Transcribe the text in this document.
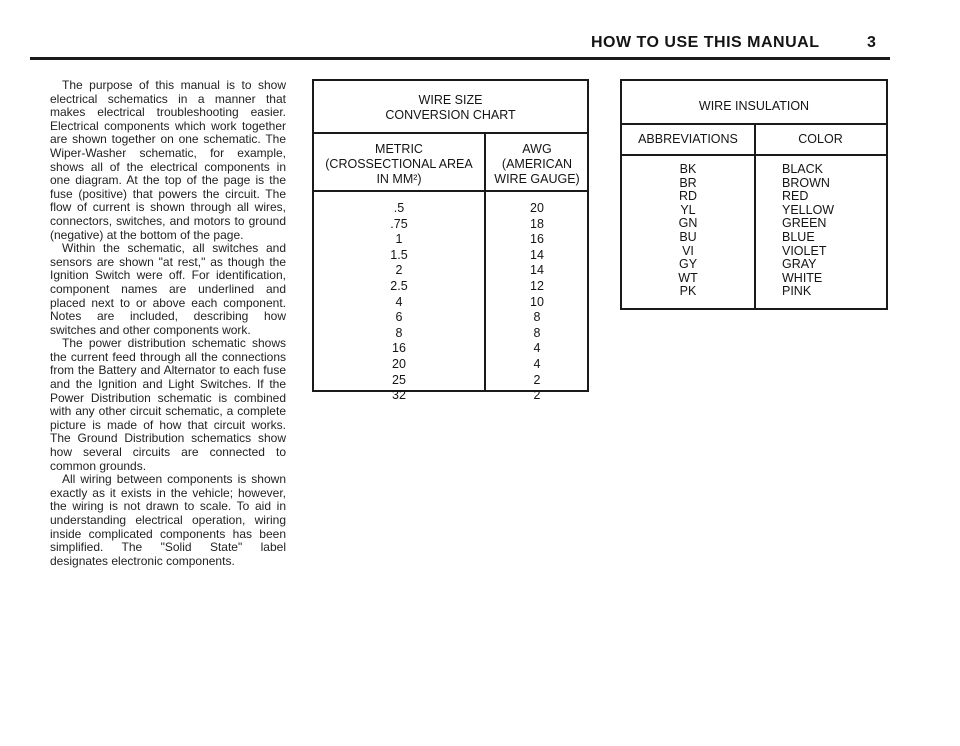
HOW TO USE THIS MANUAL	3

The purpose of this manual is to show electrical schematics in a manner that makes electrical troubleshooting easier. Electrical components which work together are shown together on one schematic. The Wiper-Washer schematic, for example, shows all of the electrical components in one diagram. At the top of the page is the fuse (positive) that powers the circuit. The flow of current is shown through all wires, connectors, switches, and motors to ground (negative) at the bottom of the page.

Within the schematic, all switches and sensors are shown "at rest," as though the Ignition Switch were off. For identification, component names are underlined and placed next to or above each component. Notes are included, describing how switches and other components work.

The power distribution schematic shows the current feed through all the connections from the Battery and Alternator to each fuse and the Ignition and Light Switches. If the Power Distribution schematic is combined with any other circuit schematic, a complete picture is made of how that circuit works. The Ground Distribution schematics show how several circuits are connected to common grounds.

All wiring between components is shown exactly as it exists in the vehicle; however, the wiring is not drawn to scale. To aid in understanding electrical operation, wiring inside complicated components has been simplified. The "Solid State" label designates electronic components.

WIRE SIZE
CONVERSION CHART
METRIC
(CROSSECTIONAL AREA
IN MM²)
AWG
(AMERICAN
WIRE GAUGE)
.5	20
.75	18
1	16
1.5	14
2	14
2.5	12
4	10
6	8
8	8
16	4
20	4
25	2
32	2
WIRE INSULATION
ABBREVIATIONS	COLOR
BK	BLACK
BR	BROWN
RD	RED
YL	YELLOW
GN	GREEN
BU	BLUE
VI	VIOLET
GY	GRAY
WT	WHITE
PK	PINK
